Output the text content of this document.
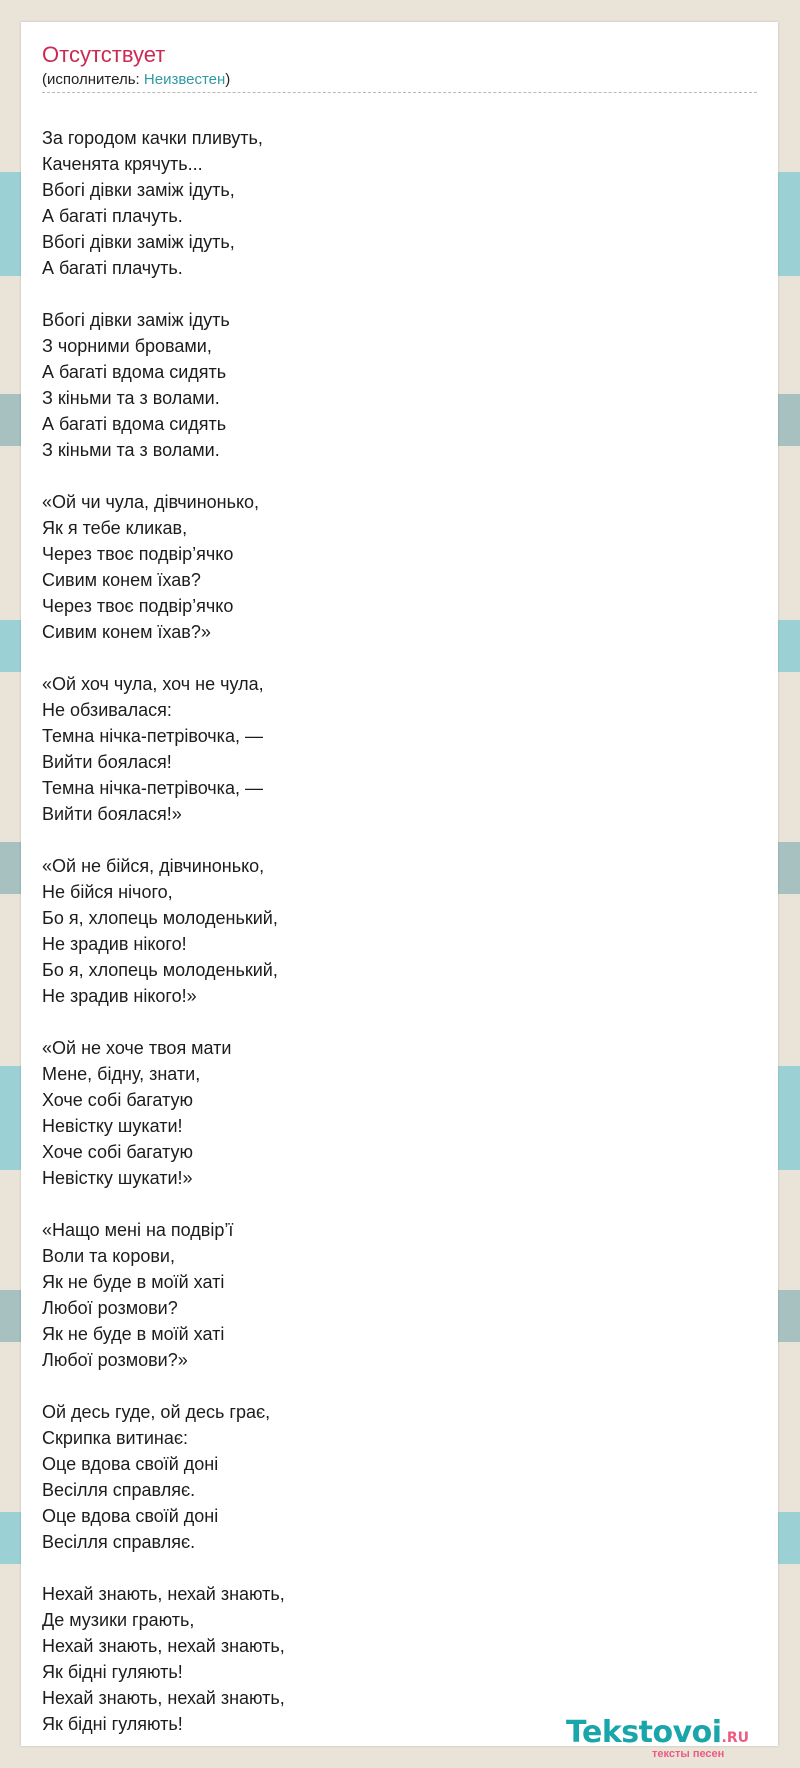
Отсутствует
(исполнитель: Неизвестен)
За городом качки пливуть,
Каченята крячуть...
Вбогі дівки заміж ідуть,
А багаті плачуть.
Вбогі дівки заміж ідуть,
А багаті плачуть.
Вбогі дівки заміж ідуть
З чорними бровами,
А багаті вдома сидять
З кіньми та з волами.
А багаті вдома сидять
З кіньми та з волами.
«Ой чи чула, дівчинонько,
Як я тебе кликав,
Через твоє подвір’ячко
Сивим конем їхав?
Через твоє подвір’ячко
Сивим конем їхав?»
«Ой хоч чула, хоч не чула,
Не обзивалася:
Темна нічка-петрівочка, —
Вийти боялася!
Темна нічка-петрівочка, —
Вийти боялася!»
«Ой не бійся, дівчинонько,
Не бійся нічого,
Бо я, хлопець молоденький,
Не зрадив нікого!
Бо я, хлопець молоденький,
Не зрадив нікого!»
«Ой не хоче твоя мати
Мене, бідну, знати,
Хоче собі багатую
Невістку шукати!
Хоче собі багатую
Невістку шукати!»
«Нащо мені на подвір’ї
Воли та корови,
Як не буде в моїй хаті
Любої розмови?
Як не буде в моїй хаті
Любої розмови?»
Ой десь гуде, ой десь грає,
Скрипка витинає:
Оце вдова своїй доні
Весілля справляє.
Оце вдова своїй доні
Весілля справляє.
Нехай знають, нехай знають,
Де музики грають,
Нехай знають, нехай знають,
Як бідні гуляють!
Нехай знають, нехай знають,
Як бідні гуляють!	Tekstovoi.RU
тексты песен
